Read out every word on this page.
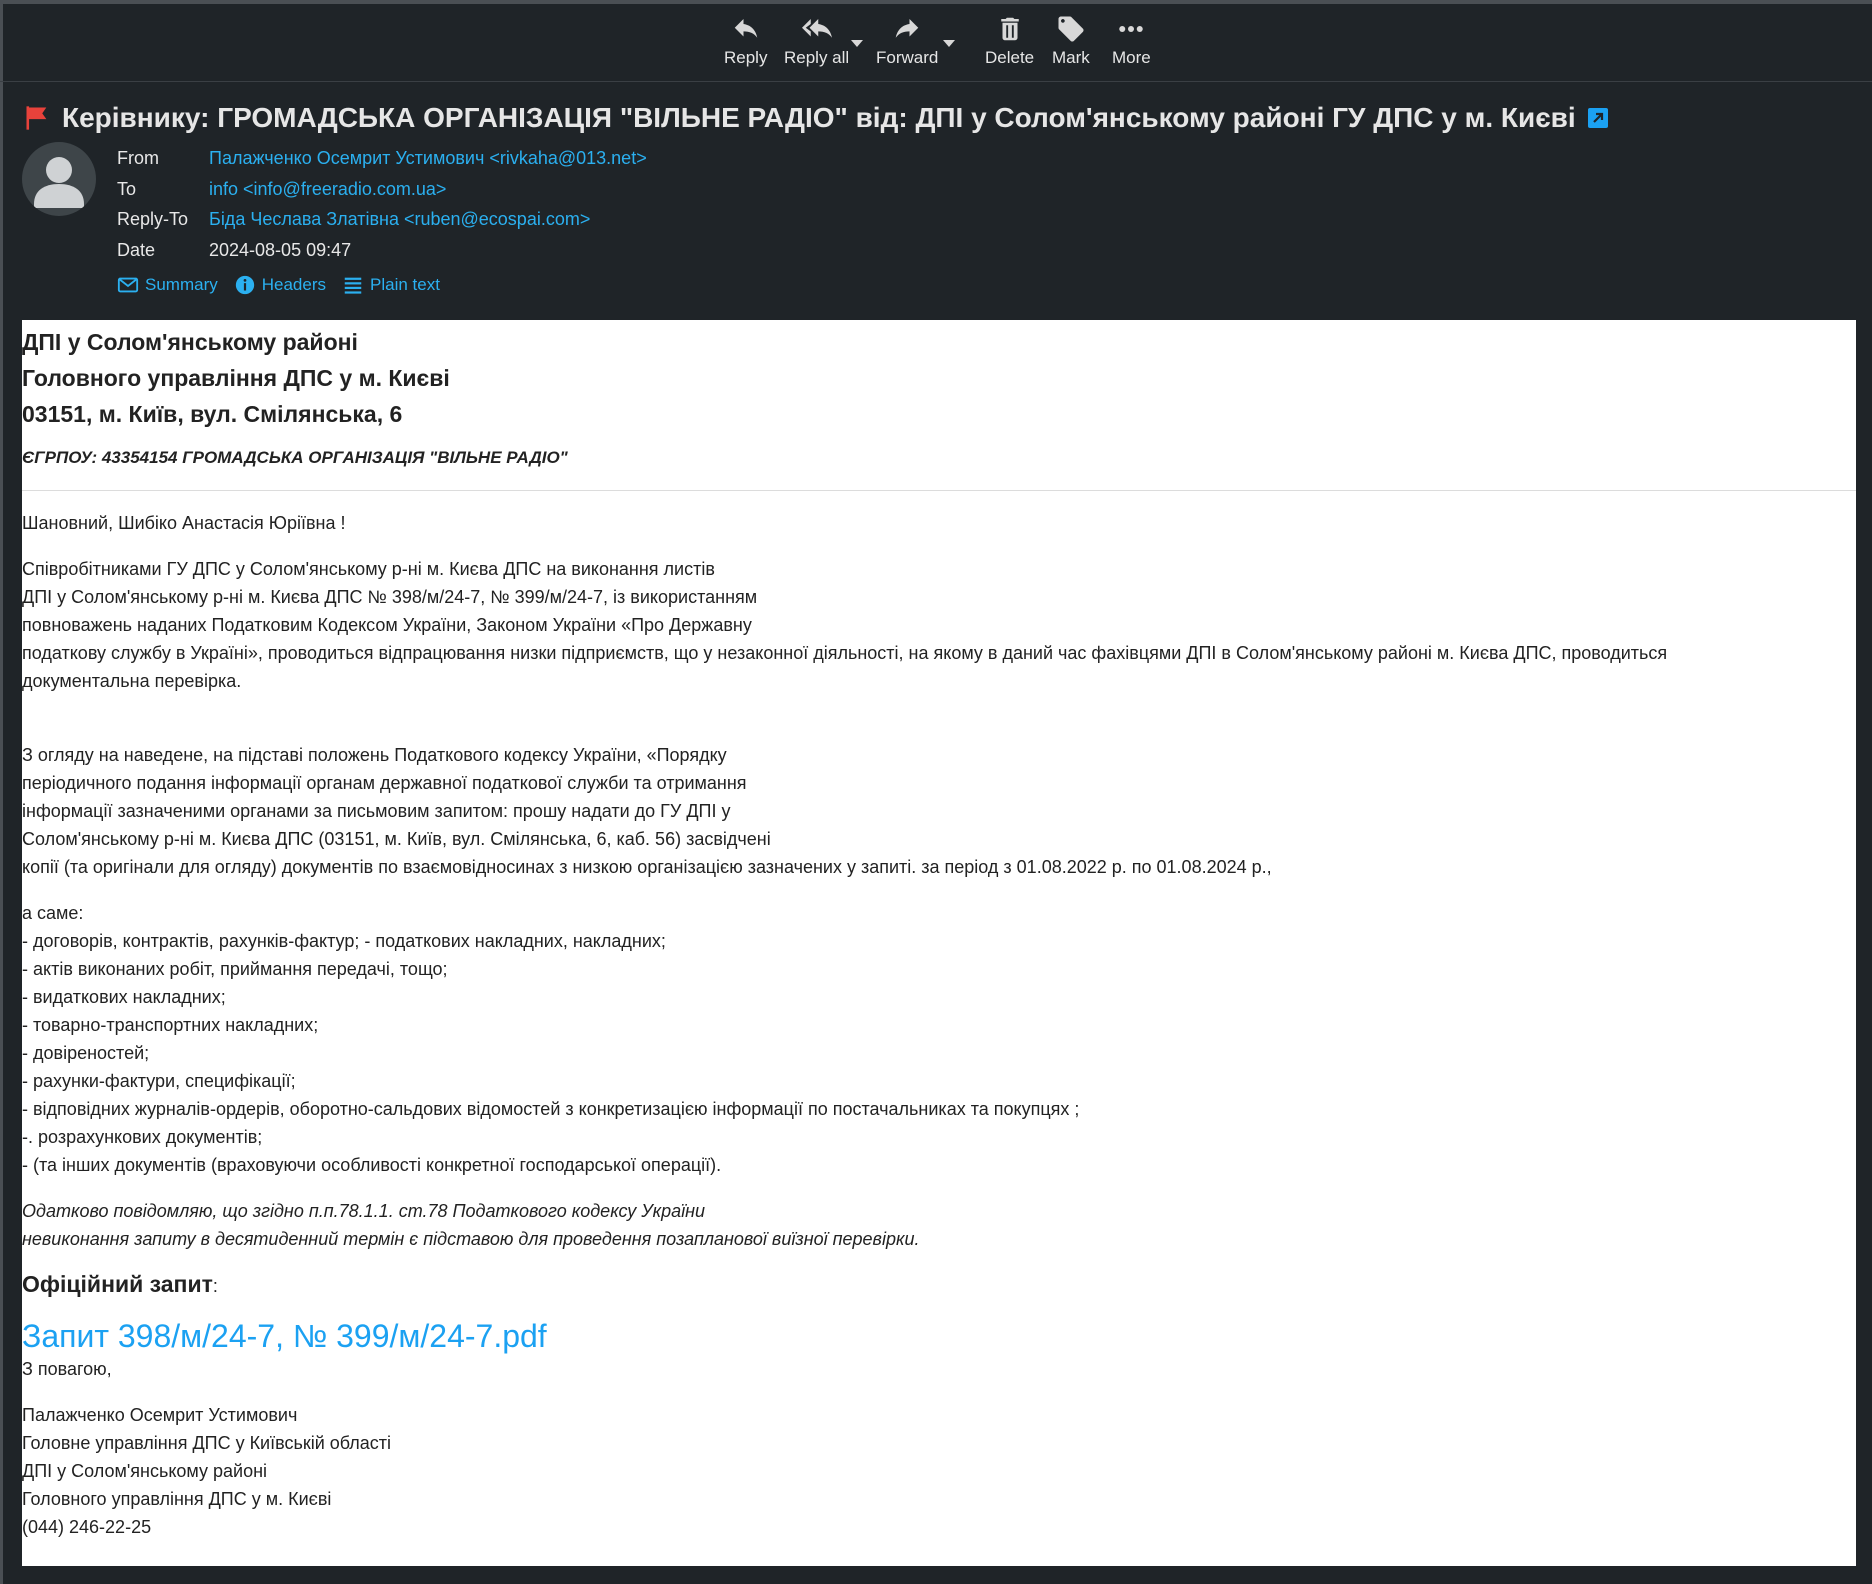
Reply Reply all Forward	Delete Mark More
Керівнику: ГРОМАДСЬКА ОРГАНІЗАЦІЯ "ВІЛЬНЕ РАДІО" від: ДПІ у Солом'янському районі ГУ ДПС у м. Києві
From	Палажченко Осемрит Устимович <rivkaha@013.net>
To	info <info@freeradio.com.ua>
Reply-To	Біда Чеслава Златівна <ruben@ecospai.com>
Date	2024-08-05 09:47
Summary	Headers	Plain text
ДПІ у Солом'янському районі
Головного управління ДПС у м. Києві
03151, м. Київ, вул. Смілянська, 6
ЄГРПОУ: 43354154 ГРОМАДСЬКА ОРГАНІЗАЦІЯ "ВІЛЬНЕ РАДІО"
Шановний, Шибіко Анастасія Юріївна !
Співробітниками ГУ ДПС у Солом'янському р-ні м. Києва ДПС на виконання листів
ДПІ у Солом'янському р-ні м. Києва ДПС № 398/м/24-7, № 399/м/24-7, із використанням
повноважень наданих Податковим Кодексом України, Законом України «Про Державну
податкову службу в Україні», проводиться відпрацювання низки підприємств, що у незаконної діяльності, на якому в даний час фахівцями ДПІ в Солом'янському районі м. Києва ДПС, проводиться
документальна перевірка.
З огляду на наведене, на підставі положень Податкового кодексу України, «Порядку
періодичного подання інформації органам державної податкової служби та отримання
інформації зазначеними органами за письмовим запитом: прошу надати до ГУ ДПІ у
Солом'янському р-ні м. Києва ДПС (03151, м. Київ, вул. Смілянська, 6, каб. 56) засвідчені
копії (та оригінали для огляду) документів по взаємовідносинах з низкою організацією зазначених у запиті. за період з 01.08.2022 р. по 01.08.2024 р.,
а саме:
- договорів, контрактів, рахунків-фактур; - податкових накладних, накладних;
- актів виконаних робіт, приймання передачі, тощо;
- видаткових накладних;
- товарно-транспортних накладних;
- довіреностей;
- рахунки-фактури, специфікації;
- відповідних журналів-ордерів, оборотно-сальдових відомостей з конкретизацією інформації по постачальниках та покупцях ;
-. розрахункових документів;
- (та інших документів (враховуючи особливості конкретної господарської операції).
Одатково повідомляю, що згідно п.п.78.1.1. ст.78 Податкового кодексу України
невиконання запиту в десятиденний термін є підставою для проведення позапланової виїзної перевірки.
Офіційний запит:
Запит 398/м/24-7, № 399/м/24-7.pdf
З повагою,
Палажченко Осемрит Устимович
Головне управління ДПС у Київській області
ДПІ у Солом'янському районі
Головного управління ДПС у м. Києві
(044) 246-22-25
